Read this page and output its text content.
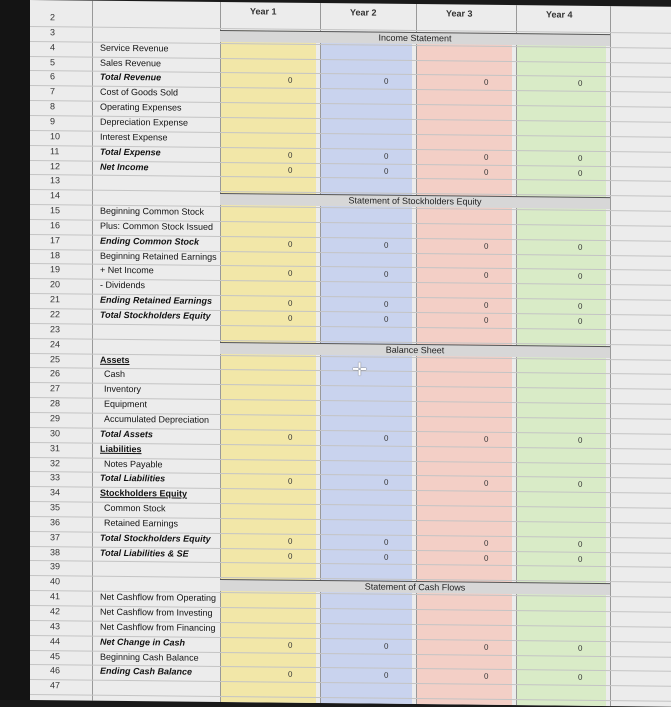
Year 1	Year 2	Year 3	Year 4
2
3
4	Service Revenue
5	Sales Revenue
6	Total Revenue	0	0	0	0
7	Cost of Goods Sold
8	Operating Expenses
9	Depreciation Expense
10	Interest Expense
11	Total Expense	0	0	0	0
12	Net Income	0	0	0	0
13
14
15	Beginning Common Stock
16	Plus: Common Stock Issued
17	Ending Common Stock	0	0	0	0
18	Beginning Retained Earnings
19	+ Net Income	0	0	0	0
20	- Dividends
21	Ending Retained Earnings	0	0	0	0
22	Total Stockholders Equity	0	0	0	0
23
24
25	Assets
26	Cash
27	Inventory
28	Equipment
29	Accumulated Depreciation
30	Total Assets	0	0	0	0
31	Liabilities
32	Notes Payable
33	Total Liabilities	0	0	0	0
34	Stockholders Equity
35	Common Stock
36	Retained Earnings
37	Total Stockholders Equity	0	0	0	0
38	Total Liabilities & SE	0	0	0	0
39
40
41	Net Cashflow from Operating
42	Net Cashflow from Investing
43	Net Cashflow from Financing
44	Net Change in Cash	0	0	0	0
45	Beginning Cash Balance
46	Ending Cash Balance	0	0	0	0
47
Income Statement
Statement of Stockholders Equity
Balance Sheet
Statement of Cash Flows
✛
